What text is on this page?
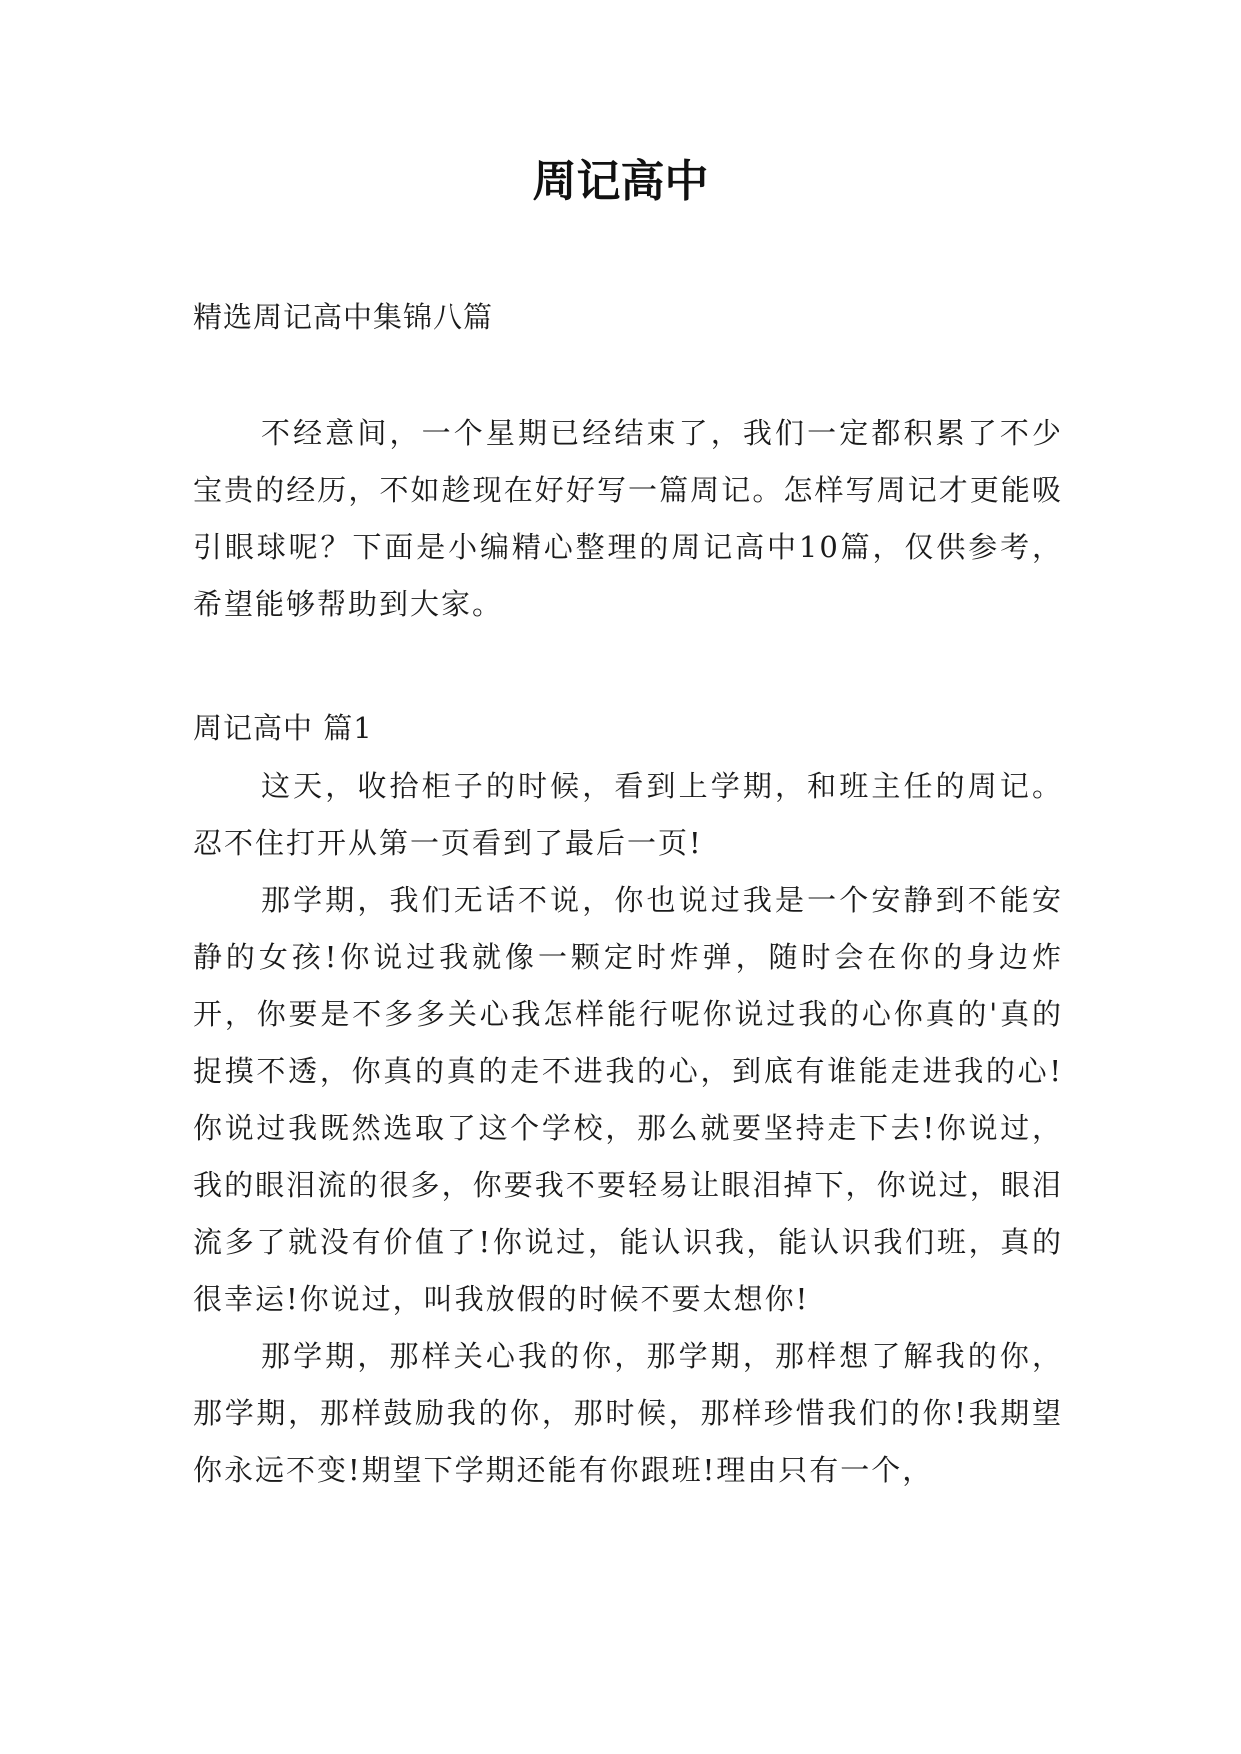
周记高中

精选周记高中集锦八篇

不经意间，一个星期已经结束了，我们一定都积累了不少宝贵的经历，不如趁现在好好写一篇周记。怎样写周记才更能吸引眼球呢？下面是小编精心整理的周记高中10篇，仅供参考，希望能够帮助到大家。

周记高中 篇1

这天，收拾柜子的时候，看到上学期，和班主任的周记。忍不住打开从第一页看到了最后一页!

那学期，我们无话不说，你也说过我是一个安静到不能安静的女孩!你说过我就像一颗定时炸弹，随时会在你的身边炸开，你要是不多多关心我怎样能行呢你说过我的心你真的'真的捉摸不透，你真的真的走不进我的心，到底有谁能走进我的心!你说过我既然选取了这个学校，那么就要坚持走下去!你说过，我的眼泪流的很多，你要我不要轻易让眼泪掉下，你说过，眼泪流多了就没有价值了!你说过，能认识我，能认识我们班，真的很幸运!你说过，叫我放假的时候不要太想你!

那学期，那样关心我的你，那学期，那样想了解我的你，那学期，那样鼓励我的你，那时候，那样珍惜我们的你!我期望你永远不变!期望下学期还能有你跟班!理由只有一个，
